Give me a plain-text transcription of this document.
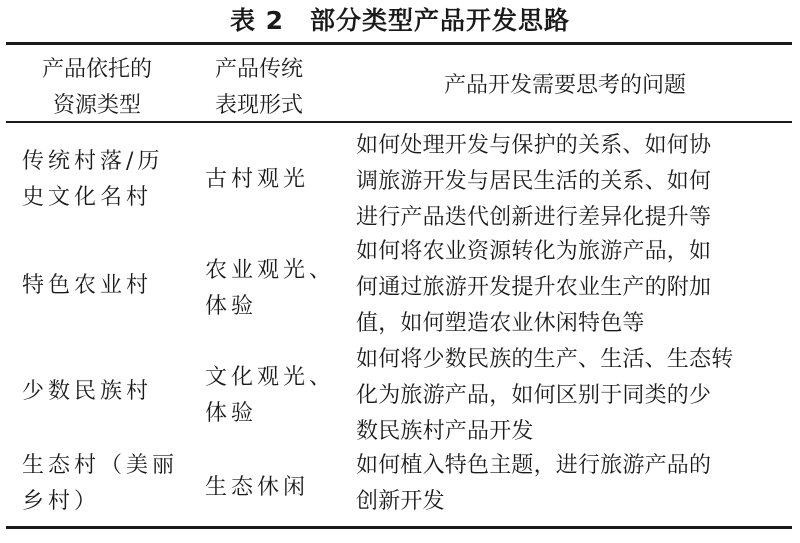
表 2　部分类型产品开发思路
产品依托的
资源类型
产品传统
表现形式
产品开发需要思考的问题
传统村落/历
史文化名村
古村观光
如何处理开发与保护的关系、如何协
调旅游开发与居民生活的关系、如何
进行产品迭代创新进行差异化提升等
特色农业村
农业观光、
体验
如何将农业资源转化为旅游产品，如
何通过旅游开发提升农业生产的附加
值，如何塑造农业休闲特色等
少数民族村
文化观光、
体验
如何将少数民族的生产、生活、生态转
化为旅游产品，如何区别于同类的少
数民族村产品开发
生态村（美丽
乡村）
生态休闲
如何植入特色主题，进行旅游产品的
创新开发
